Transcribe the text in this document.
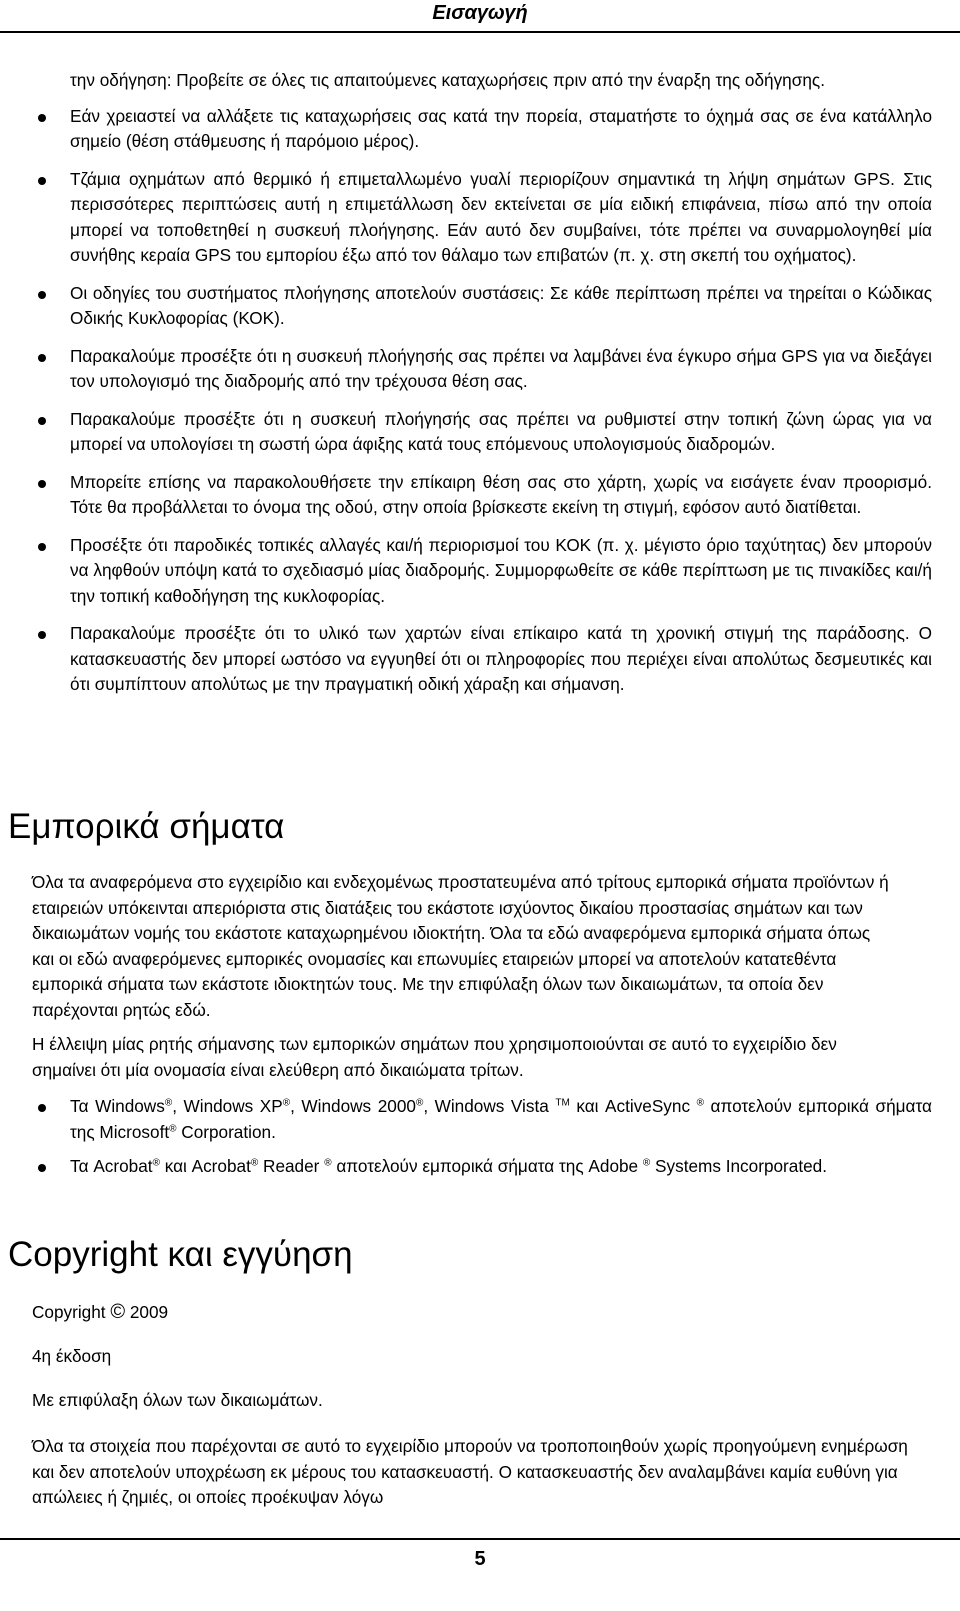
Εισαγωγή

την οδήγηση: Προβείτε σε όλες τις απαιτούμενες καταχωρήσεις πριν από την έναρξη της οδήγησης.

Εάν χρειαστεί να αλλάξετε τις καταχωρήσεις σας κατά την πορεία, σταματήστε το όχημά σας σε ένα κατάλληλο σημείο (θέση στάθμευσης ή παρόμοιο μέρος).

Τζάμια οχημάτων από θερμικό ή επιμεταλλωμένο γυαλί περιορίζουν σημαντικά τη λήψη σημάτων GPS. Στις περισσότερες περιπτώσεις αυτή η επιμετάλλωση δεν εκτείνεται σε μία ειδική επιφάνεια, πίσω από την οποία μπορεί να τοποθετηθεί η συσκευή πλοήγησης. Εάν αυτό δεν συμβαίνει, τότε πρέπει να συναρμολογηθεί μία συνήθης κεραία GPS του εμπορίου έξω από τον θάλαμο των επιβατών (π. χ. στη σκεπή του οχήματος).

Οι οδηγίες του συστήματος πλοήγησης αποτελούν συστάσεις: Σε κάθε περίπτωση πρέπει να τηρείται ο Κώδικας Οδικής Κυκλοφορίας (ΚΟΚ).

Παρακαλούμε προσέξτε ότι η συσκευή πλοήγησής σας πρέπει να λαμβάνει ένα έγκυρο σήμα GPS για να διεξάγει τον υπολογισμό της διαδρομής από την τρέχουσα θέση σας.

Παρακαλούμε προσέξτε ότι η συσκευή πλοήγησής σας πρέπει να ρυθμιστεί στην τοπική ζώνη ώρας για να μπορεί να υπολογίσει τη σωστή ώρα άφιξης κατά τους επόμενους υπολογισμούς διαδρομών.

Μπορείτε επίσης να παρακολουθήσετε την επίκαιρη θέση σας στο χάρτη, χωρίς να εισάγετε έναν προορισμό. Τότε θα προβάλλεται το όνομα της οδού, στην οποία βρίσκεστε εκείνη τη στιγμή, εφόσον αυτό διατίθεται.

Προσέξτε ότι παροδικές τοπικές αλλαγές και/ή περιορισμοί του ΚΟΚ (π. χ. μέγιστο όριο ταχύτητας) δεν μπορούν να ληφθούν υπόψη κατά το σχεδιασμό μίας διαδρομής. Συμμορφωθείτε σε κάθε περίπτωση με τις πινακίδες και/ή την τοπική καθοδήγηση της κυκλοφορίας.

Παρακαλούμε προσέξτε ότι το υλικό των χαρτών είναι επίκαιρο κατά τη χρονική στιγμή της παράδοσης. Ο κατασκευαστής δεν μπορεί ωστόσο να εγγυηθεί ότι οι πληροφορίες που περιέχει είναι απολύτως δεσμευτικές και ότι συμπίπτουν απολύτως με την πραγματική οδική χάραξη και σήμανση.

Εμπορικά σήματα

Όλα τα αναφερόμενα στο εγχειρίδιο και ενδεχομένως προστατευμένα από τρίτους εμπορικά σήματα προϊόντων ή εταιρειών υπόκεινται απεριόριστα στις διατάξεις του εκάστοτε ισχύοντος δικαίου προστασίας σημάτων και των δικαιωμάτων νομής του εκάστοτε καταχωρημένου ιδιοκτήτη. Όλα τα εδώ αναφερόμενα εμπορικά σήματα όπως και οι εδώ αναφερόμενες εμπορικές ονομασίες και επωνυμίες εταιρειών μπορεί να αποτελούν κατατεθέντα εμπορικά σήματα των εκάστοτε ιδιοκτητών τους. Με την επιφύλαξη όλων των δικαιωμάτων, τα οποία δεν παρέχονται ρητώς εδώ.

Η έλλειψη μίας ρητής σήμανσης των εμπορικών σημάτων που χρησιμοποιούνται σε αυτό το εγχειρίδιο δεν σημαίνει ότι μία ονομασία είναι ελεύθερη από δικαιώματα τρίτων.

Τα Windows®, Windows XP®, Windows 2000®, Windows Vista ™ και ActiveSync ® αποτελούν εμπορικά σήματα της Microsoft® Corporation.

Τα Acrobat® και Acrobat® Reader ® αποτελούν εμπορικά σήματα της Adobe ® Systems Incorporated.

Copyright και εγγύηση

Copyright © 2009

4η έκδοση

Με επιφύλαξη όλων των δικαιωμάτων.

Όλα τα στοιχεία που παρέχονται σε αυτό το εγχειρίδιο μπορούν να τροποποιηθούν χωρίς προηγούμενη ενημέρωση και δεν αποτελούν υποχρέωση εκ μέρους του κατασκευαστή. Ο κατασκευαστής δεν αναλαμβάνει καμία ευθύνη για απώλειες ή ζημιές, οι οποίες προέκυψαν λόγω

5
